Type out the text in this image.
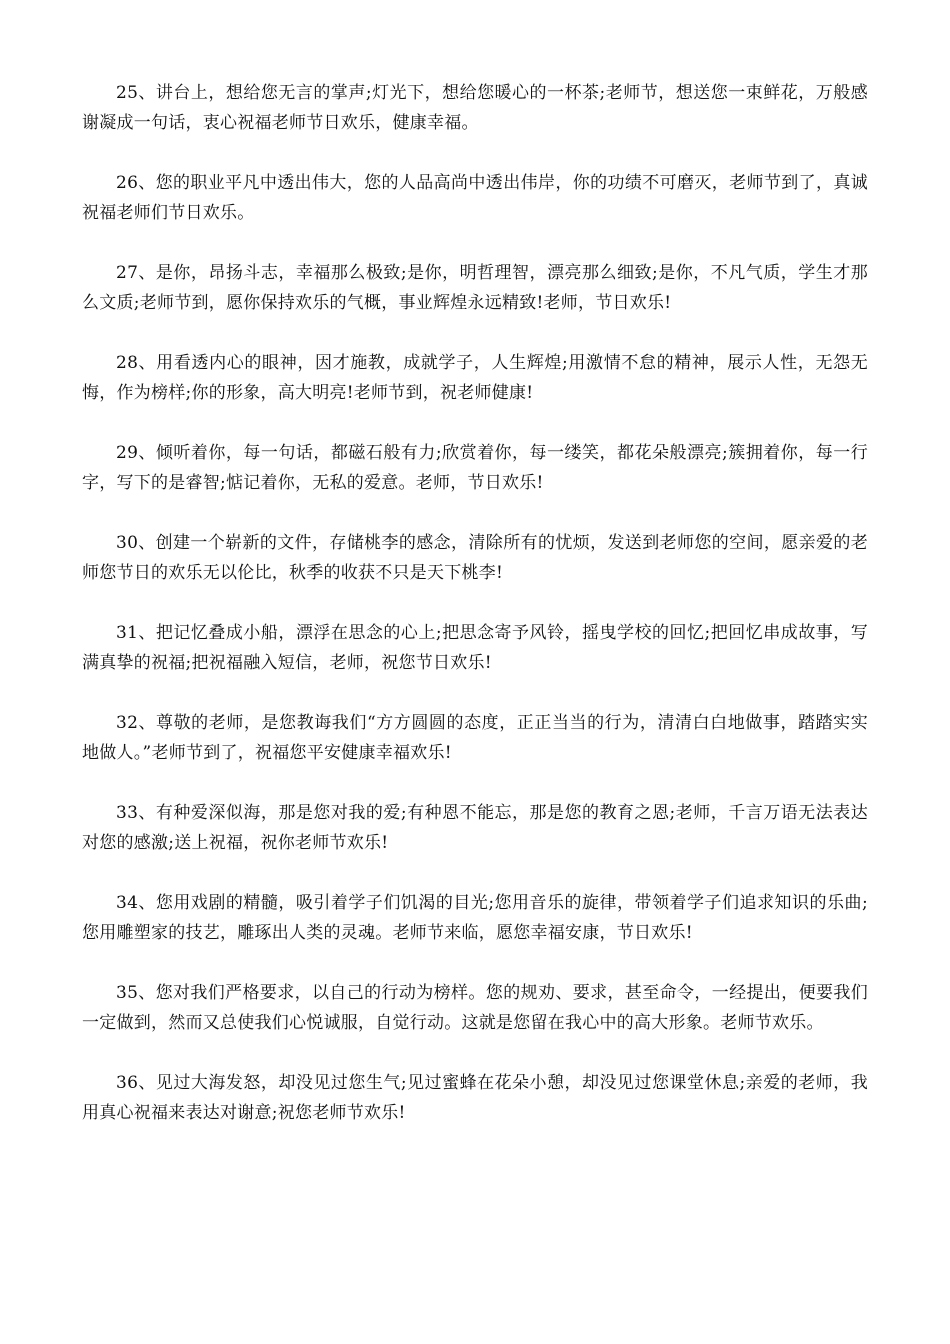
25、讲台上，想给您无言的掌声;灯光下，想给您暖心的一杯茶;老师节，想送您一束鲜花，万般感谢凝成一句话，衷心祝福老师节日欢乐，健康幸福。

26、您的职业平凡中透出伟大，您的人品高尚中透出伟岸，你的功绩不可磨灭，老师节到了，真诚祝福老师们节日欢乐。

27、是你，昂扬斗志，幸福那么极致;是你，明哲理智，漂亮那么细致;是你，不凡气质，学生才那么文质;老师节到，愿你保持欢乐的气概，事业辉煌永远精致!老师，节日欢乐!

28、用看透内心的眼神，因才施教，成就学子，人生辉煌;用激情不怠的精神，展示人性，无怨无悔，作为榜样;你的形象，高大明亮!老师节到，祝老师健康!

29、倾听着你，每一句话，都磁石般有力;欣赏着你，每一缕笑，都花朵般漂亮;簇拥着你，每一行字，写下的是睿智;惦记着你，无私的爱意。老师，节日欢乐!

30、创建一个崭新的文件，存储桃李的感念，清除所有的忧烦，发送到老师您的空间，愿亲爱的老师您节日的欢乐无以伦比，秋季的收获不只是天下桃李!

31、把记忆叠成小船，漂浮在思念的心上;把思念寄予风铃，摇曳学校的回忆;把回忆串成故事，写满真挚的祝福;把祝福融入短信，老师，祝您节日欢乐!

32、尊敬的老师，是您教诲我们“方方圆圆的态度，正正当当的行为，清清白白地做事，踏踏实实地做人。”老师节到了，祝福您平安健康幸福欢乐!

33、有种爱深似海，那是您对我的爱;有种恩不能忘，那是您的教育之恩;老师，千言万语无法表达对您的感激;送上祝福，祝你老师节欢乐!

34、您用戏剧的精髓，吸引着学子们饥渴的目光;您用音乐的旋律，带领着学子们追求知识的乐曲;您用雕塑家的技艺，雕琢出人类的灵魂。老师节来临，愿您幸福安康，节日欢乐!

35、您对我们严格要求，以自己的行动为榜样。您的规劝、要求，甚至命令，一经提出，便要我们一定做到，然而又总使我们心悦诚服，自觉行动。这就是您留在我心中的高大形象。老师节欢乐。

36、见过大海发怒，却没见过您生气;见过蜜蜂在花朵小憩，却没见过您课堂休息;亲爱的老师，我用真心祝福来表达对谢意;祝您老师节欢乐!
